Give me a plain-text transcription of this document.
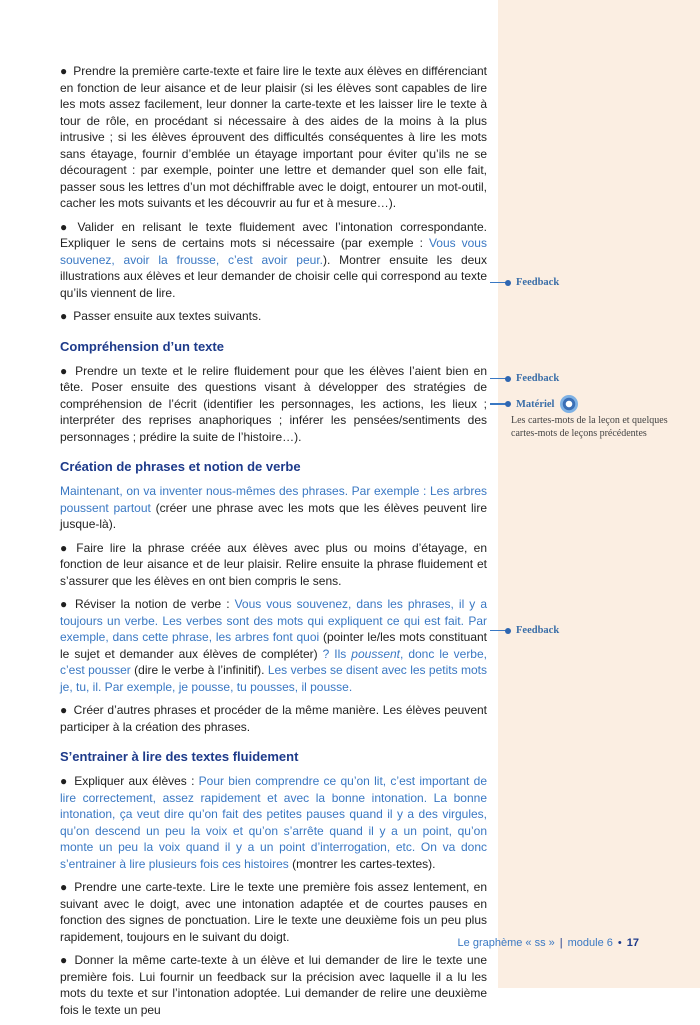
● Prendre la première carte-texte et faire lire le texte aux élèves en différenciant en fonction de leur aisance et de leur plaisir (si les élèves sont capables de lire les mots assez facilement, leur donner la carte-texte et les laisser lire le texte à tour de rôle, en procédant si nécessaire à des aides de la moins à la plus intrusive ; si les élèves éprouvent des difficultés conséquentes à lire les mots sans étayage, fournir d’emblée un étayage important pour éviter qu’ils ne se découragent : par exemple, pointer une lettre et demander quel son elle fait, passer sous les lettres d’un mot déchiffrable avec le doigt, entourer un mot-outil, cacher les mots suivants et les découvrir au fur et à mesure…).

● Valider en relisant le texte fluidement avec l’intonation correspondante. Expliquer le sens de certains mots si nécessaire (par exemple : Vous vous souvenez, avoir la frousse, c’est avoir peur.). Montrer ensuite les deux illustrations aux élèves et leur demander de choisir celle qui correspond au texte qu’ils viennent de lire.

● Passer ensuite aux textes suivants.

Compréhension d’un texte

● Prendre un texte et le relire fluidement pour que les élèves l’aient bien en tête. Poser ensuite des questions visant à développer des stratégies de compréhension de l’écrit (identifier les personnages, les actions, les lieux ; interpréter des reprises anaphoriques ; inférer les pensées/sentiments des personnages ; prédire la suite de l’histoire…).

Création de phrases et notion de verbe

Maintenant, on va inventer nous-mêmes des phrases. Par exemple : Les arbres poussent partout (créer une phrase avec les mots que les élèves peuvent lire jusque-là).

● Faire lire la phrase créée aux élèves avec plus ou moins d’étayage, en fonction de leur aisance et de leur plaisir. Relire ensuite la phrase fluidement et s’assurer que les élèves en ont bien compris le sens.

● Réviser la notion de verbe : Vous vous souvenez, dans les phrases, il y a toujours un verbe. Les verbes sont des mots qui expliquent ce qui est fait. Par exemple, dans cette phrase, les arbres font quoi (pointer le/les mots constituant le sujet et demander aux élèves de compléter) ? Ils poussent, donc le verbe, c’est pousser (dire le verbe à l’infinitif). Les verbes se disent avec les petits mots je, tu, il. Par exemple, je pousse, tu pousses, il pousse.

● Créer d’autres phrases et procéder de la même manière. Les élèves peuvent participer à la création des phrases.

S’entrainer à lire des textes fluidement

● Expliquer aux élèves : Pour bien comprendre ce qu’on lit, c’est important de lire correctement, assez rapidement et avec la bonne intonation. La bonne intonation, ça veut dire qu’on fait des petites pauses quand il y a des virgules, qu’on descend un peu la voix et qu’on s’arrête quand il y a un point, qu’on monte un peu la voix quand il y a un point d’interrogation, etc. On va donc s’entrainer à lire plusieurs fois ces histoires (montrer les cartes-textes).

● Prendre une carte-texte. Lire le texte une première fois assez lentement, en suivant avec le doigt, avec une intonation adaptée et de courtes pauses en fonction des signes de ponctuation. Lire le texte une deuxième fois un peu plus rapidement, toujours en le suivant du doigt.

● Donner la même carte-texte à un élève et lui demander de lire le texte une première fois. Lui fournir un feedback sur la précision avec laquelle il a lu les mots du texte et sur l’intonation adoptée. Lui demander de relire une deuxième fois le texte un peu

Feedback
Feedback
Matériel
Les cartes-mots de la leçon et quelques cartes-mots de leçons précédentes
Feedback
Le graphème « ss » | module 6 • 17
